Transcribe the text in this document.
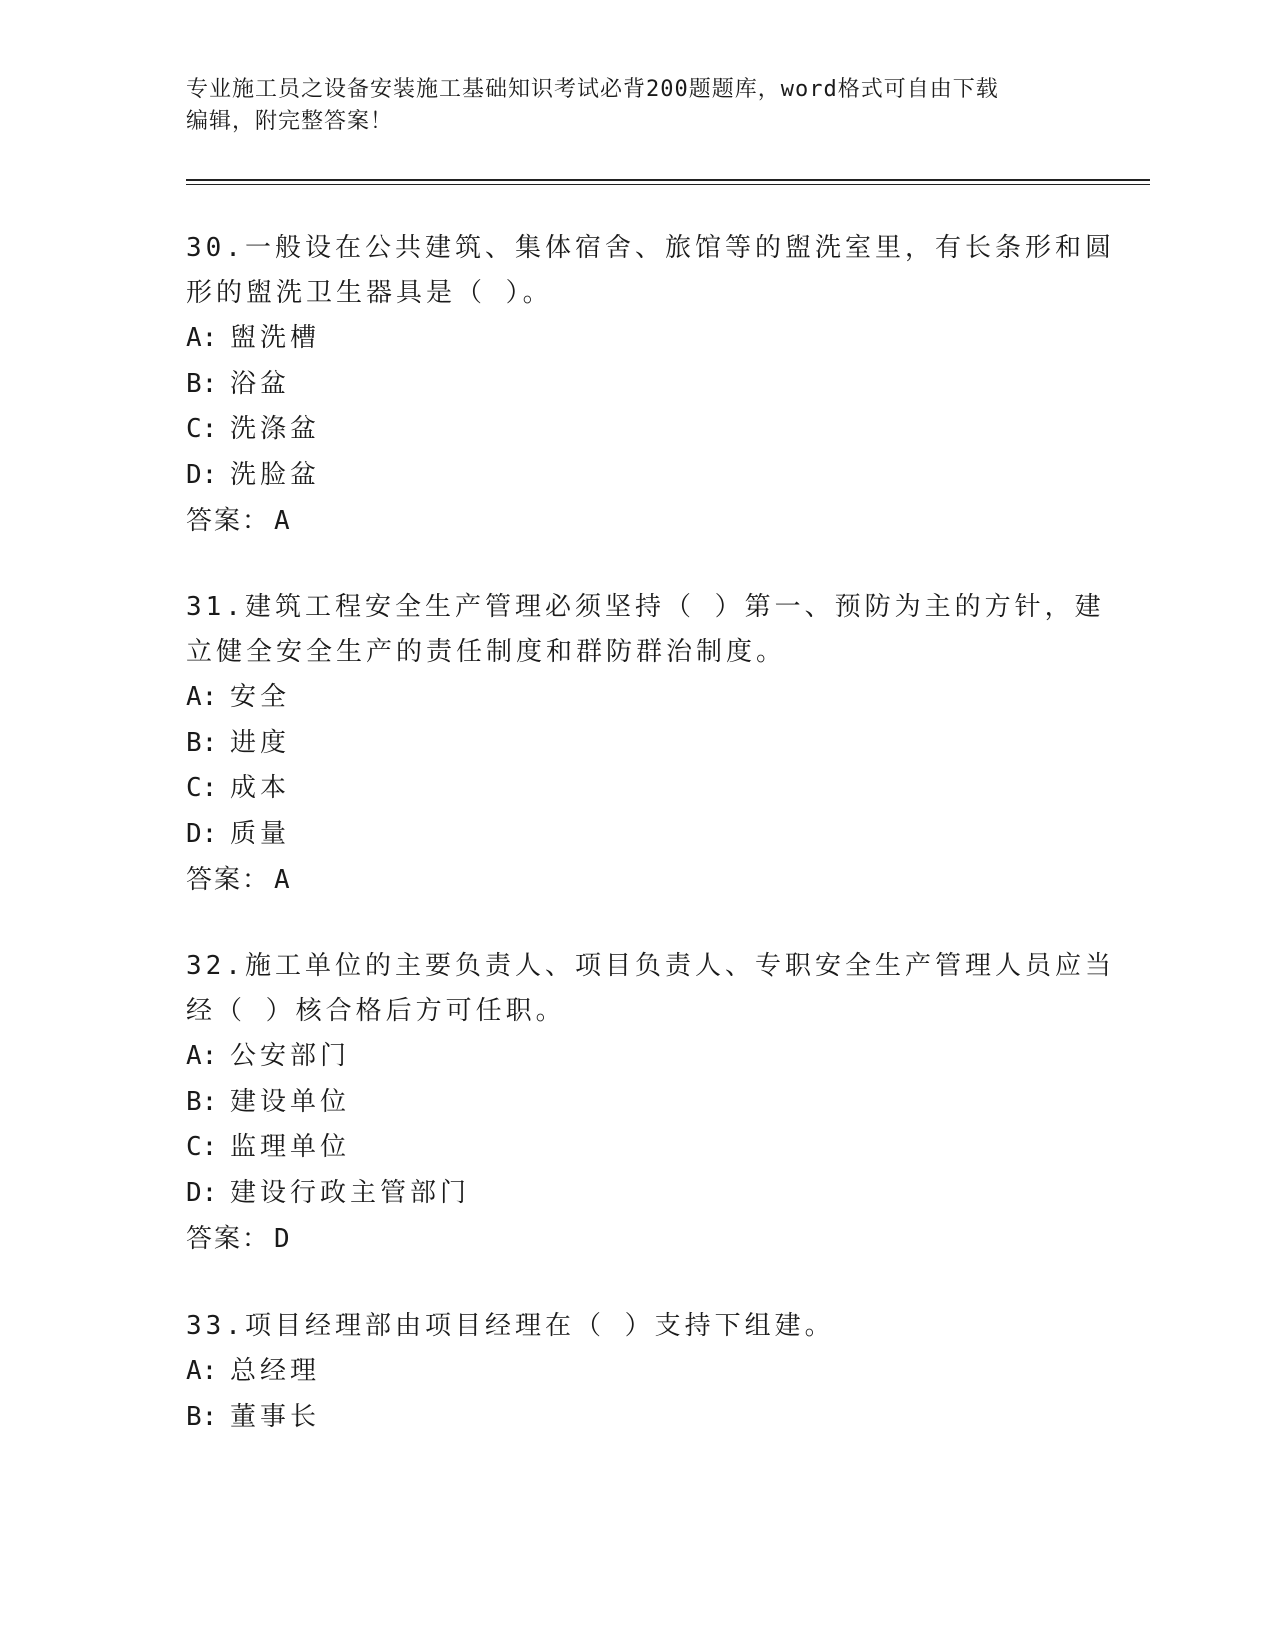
专业施工员之设备安装施工基础知识考试必背200题题库，word格式可自由下载
编辑，附完整答案！
30.一般设在公共建筑、集体宿舍、旅馆等的盥洗室里，有长条形和圆
形的盥洗卫生器具是（ ）。
A: 盥洗槽
B: 浴盆
C: 洗涤盆
D: 洗脸盆
答案： A
31.建筑工程安全生产管理必须坚持（ ）第一、预防为主的方针，建
立健全安全生产的责任制度和群防群治制度。
A: 安全
B: 进度
C: 成本
D: 质量
答案： A
32.施工单位的主要负责人、项目负责人、专职安全生产管理人员应当
经（ ）核合格后方可任职。
A: 公安部门
B: 建设单位
C: 监理单位
D: 建设行政主管部门
答案： D
33.项目经理部由项目经理在（ ）支持下组建。
A: 总经理
B: 董事长
